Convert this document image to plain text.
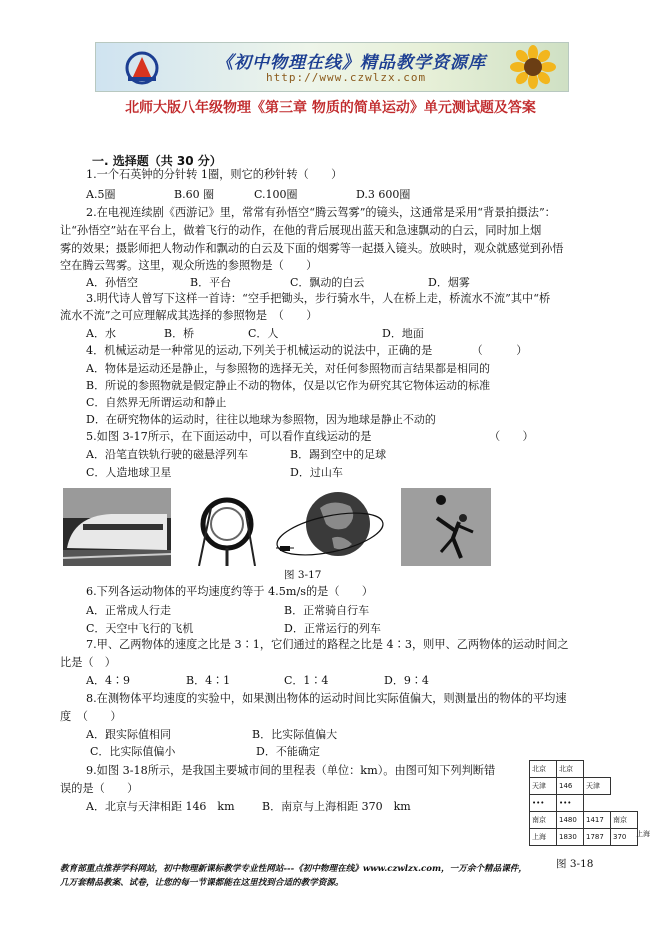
《初中物理在线》精品教学资源库
http://www.czwlzx.com
北师大版八年级物理《第三章 物质的简单运动》单元测试题及答案
一. 选择题（共 30 分）
1.一个石英钟的分针转 1圈，则它的秒针转（　　）
A.5圈	B.60 圈	C.100圈	D.3 600圈
2.在电视连续剧《西游记》里，常常有孙悟空“腾云驾雾”的镜头，这通常是采用“背景拍摄法”：
让“孙悟空”站在平台上，做着飞行的动作，在他的背后展现出蓝天和急速飘动的白云，同时加上烟
雾的效果；摄影师把人物动作和飘动的白云及下面的烟雾等一起摄入镜头。放映时，观众就感觉到孙悟
空在腾云驾雾。这里，观众所选的参照物是（　　）
A．孙悟空	B．平台	C．飘动的白云	D．烟雾
3.明代诗人曾写下这样一首诗：“空手把锄头，步行骑水牛，人在桥上走，桥流水不流”其中“桥
流水不流”之可应理解成其选择的参照物是　（　　）
A．水	B．桥	C．人	D．地面
4．机械运动是一种常见的运动,下列关于机械运动的说法中，正确的是　　　　（　　　）
A．物体是运动还是静止，与参照物的选择无关，对任何参照物而言结果都是相同的
B．所说的参照物就是假定静止不动的物体，仅是以它作为研究其它物体运动的标准
C．自然界无所谓运动和静止
D．在研究物体的运动时，往往以地球为参照物，因为地球是静止不动的
5.如图 3-17所示，在下面运动中，可以看作直线运动的是　　　　　　　　　　　（　　）
A．沿笔直铁轨行驶的磁悬浮列车	B．踢到空中的足球
C．人造地球卫星	D．过山车
图 3-17
6.下列各运动物体的平均速度约等于 4.5m/s的是（　　）
A．正常成人行走	B．正常骑自行车
C．天空中飞行的飞机	D．正常运行的列车
7.甲、乙两物体的速度之比是 3∶1，它们通过的路程之比是 4∶3，则甲、乙两物体的运动时间之
比是（　）
A．4∶9	B．4∶1	C．1∶4	D．9∶4
8.在测物体平均速度的实验中，如果测出物体的运动时间比实际值偏大，则测量出的物体的平均速
度　（　　）
A．跟实际值相同	B．比实际值偏大
C．比实际值偏小	D．不能确定
9.如图 3-18所示，是我国主要城市间的里程表（单位：km）。由图可知下列判断错
误的是（　　）
A．北京与天津相距 146　km B．南京与上海相距 370　km
北京	北京		
天津	146	天津	
•••	•••		
南京	1480	1417	南京
上海	1830	1787	370 上海
图 3-18
教育部重点推荐学科网站，初中物理新课标教学专业性网站---《初中物理在线》www.czwlzx.com，一万余个精品课件，
几万套精品教案、试卷，让您的每一节课都能在这里找到合适的教学资源。
